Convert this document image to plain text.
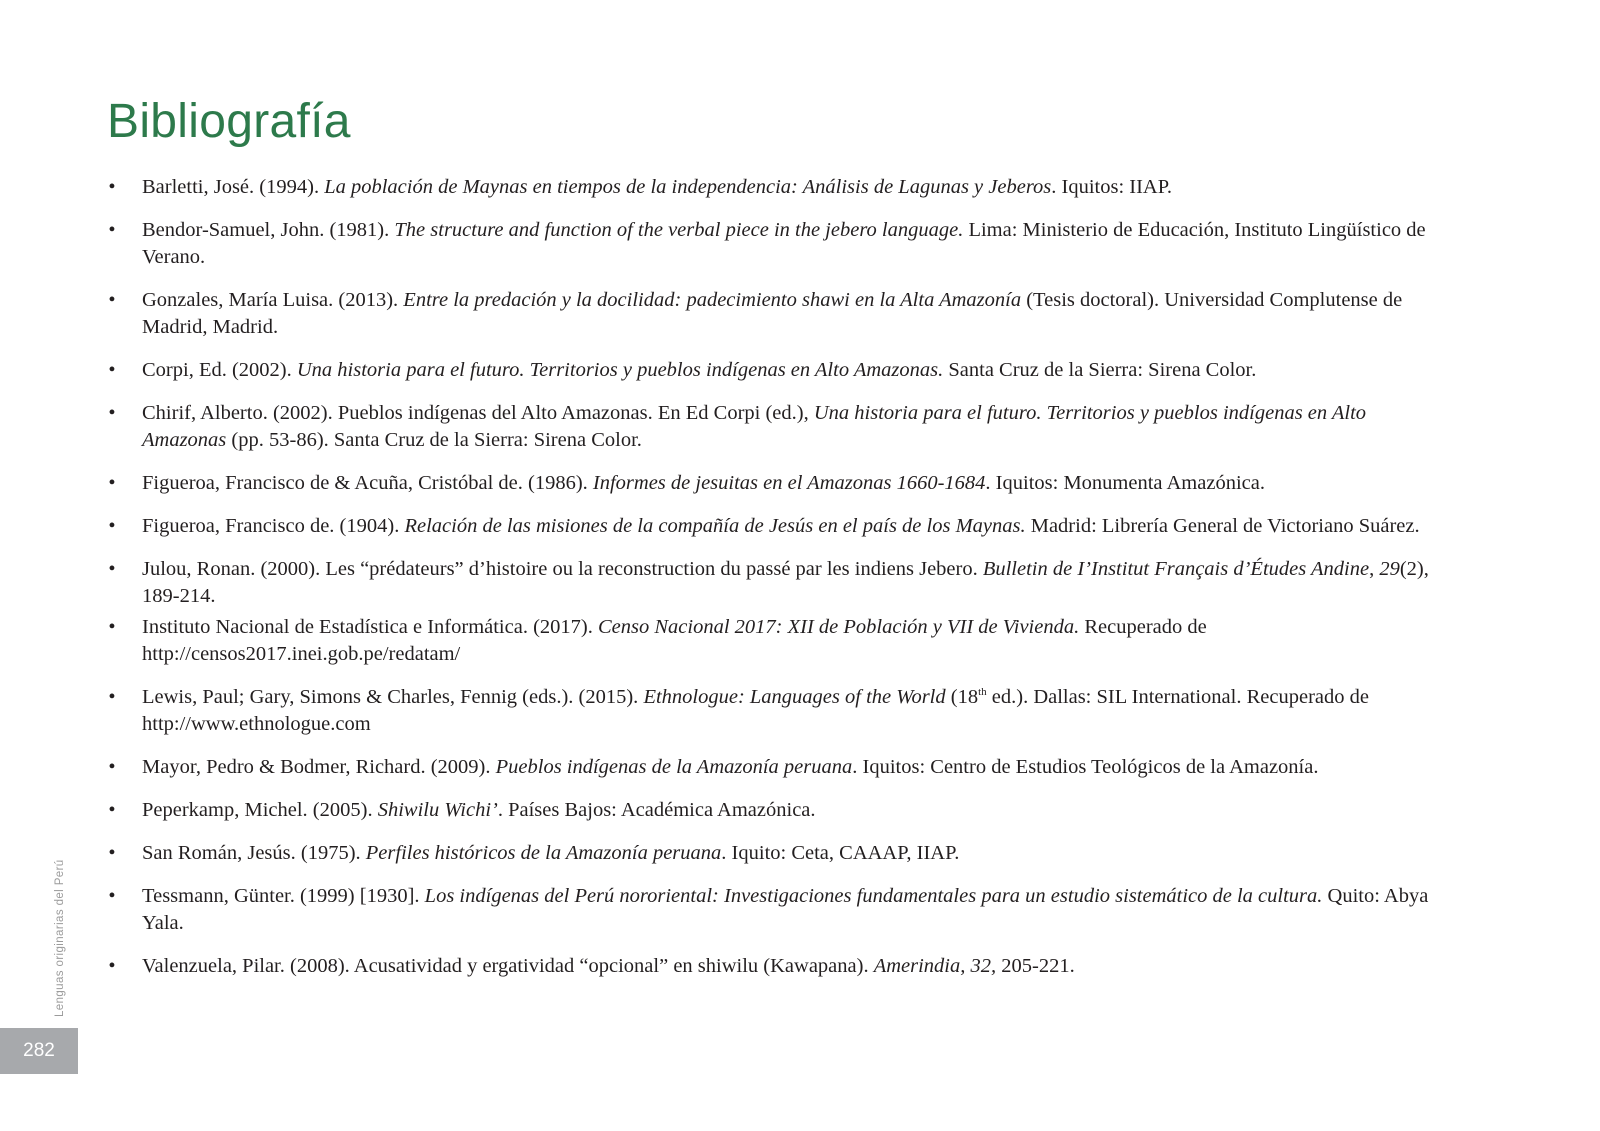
Bibliografía
• Barletti, José. (1994). La población de Maynas en tiempos de la independencia: Análisis de Lagunas y Jeberos. Iquitos: IIAP.
• Bendor-Samuel, John. (1981). The structure and function of the verbal piece in the jebero language. Lima: Ministerio de Educación, Instituto Lingüístico de Verano.
• Gonzales, María Luisa. (2013). Entre la predación y la docilidad: padecimiento shawi en la Alta Amazonía (Tesis doctoral). Universidad Complutense de Madrid, Madrid.
• Corpi, Ed. (2002). Una historia para el futuro. Territorios y pueblos indígenas en Alto Amazonas. Santa Cruz de la Sierra: Sirena Color.
• Chirif, Alberto. (2002). Pueblos indígenas del Alto Amazonas. En Ed Corpi (ed.), Una historia para el futuro. Territorios y pueblos indígenas en Alto Amazonas (pp. 53-86). Santa Cruz de la Sierra: Sirena Color.
• Figueroa, Francisco de & Acuña, Cristóbal de. (1986). Informes de jesuitas en el Amazonas 1660-1684. Iquitos: Monumenta Amazónica.
• Figueroa, Francisco de. (1904). Relación de las misiones de la compañía de Jesús en el país de los Maynas. Madrid: Librería General de Victoriano Suárez.
• Julou, Ronan. (2000). Les “prédateurs” d’histoire ou la reconstruction du passé par les indiens Jebero. Bulletin de I’Institut Français d’Études Andine, 29(2), 189-214.
• Instituto Nacional de Estadística e Informática. (2017). Censo Nacional 2017: XII de Población y VII de Vivienda. Recuperado de http://censos2017.inei.gob.pe/redatam/
• Lewis, Paul; Gary, Simons & Charles, Fennig (eds.). (2015). Ethnologue: Languages of the World (18th ed.). Dallas: SIL International. Recuperado de http://www.ethnologue.com
• Mayor, Pedro & Bodmer, Richard. (2009). Pueblos indígenas de la Amazonía peruana. Iquitos: Centro de Estudios Teológicos de la Amazonía.
• Peperkamp, Michel. (2005). Shiwilu Wichi’. Países Bajos: Académica Amazónica.
• San Román, Jesús. (1975). Perfiles históricos de la Amazonía peruana. Iquito: Ceta, CAAAP, IIAP.
• Tessmann, Günter. (1999) [1930]. Los indígenas del Perú nororiental: Investigaciones fundamentales para un estudio sistemático de la cultura. Quito: Abya Yala.
• Valenzuela, Pilar. (2008). Acusatividad y ergatividad “opcional” en shiwilu (Kawapana). Amerindia, 32, 205-221.
Lenguas originarias del Perú
282
